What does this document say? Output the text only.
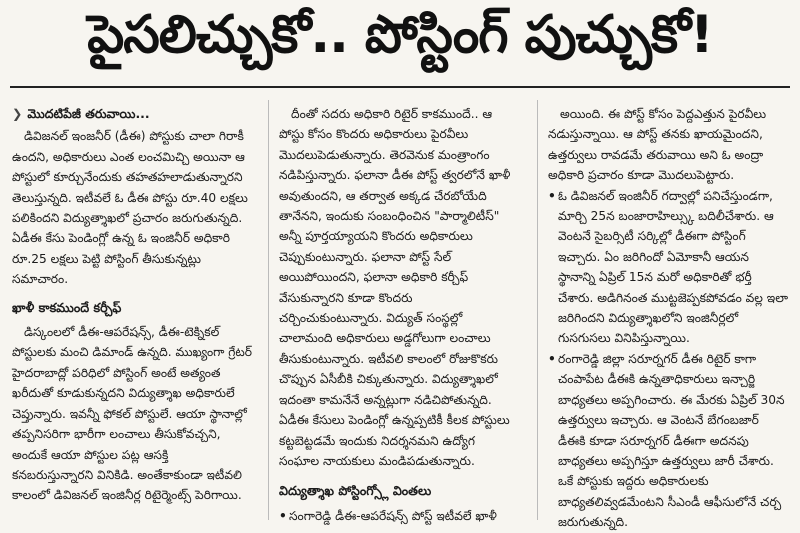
పైసలిచ్చుకో.. పోస్టింగ్ పుచ్చుకో!
❯ మొదటిపేజీ తరువాయి...

డివిజనల్ ఇంజనీర్ (డీఈ) పోస్టుకు చాలా గిరాకీ ఉందని, అధికారులు ఎంత లంచమిచ్చి అయినా ఆ పోస్టులో కూర్చునేందుకు తహతహలాడుతున్నారని తెలుస్తున్నది. ఇటీవలే ఓ డీఈ పోస్టు రూ.40 లక్షలు పలికిందని విద్యుత్శాఖలో ప్రచారం జరుగుతున్నది. ఏడీఈ కేసు పెండింగ్లో ఉన్న ఓ ఇంజినీర్ అధికారి రూ.25 లక్షలు పెట్టి పోస్టింగ్ తీసుకున్నట్లు సమాచారం.

ఖాళీ కాకముందే కర్చీఫ్

డిస్కంలలో డీఈ-ఆపరేషన్స్, డీఈ-టెక్నికల్ పోస్టులకు మంచి డిమాండ్ ఉన్నది. ముఖ్యంగా గ్రేటర్ హైదరాబాద్లో పరిధిలో పోస్టింగ్ అంటే అత్యంత ఖరీదుతో కూడుకున్నదని విద్యుత్శాఖ అధికారులే చెప్తున్నారు. ఇవన్నీ ఫోకల్ పోస్టులే. ఆయా స్థానాల్లో తప్పనిసరిగా భారీగా లంచాలు తీసుకోవచ్చని, అందుకే ఆయా పోస్టుల పట్ల ఆసక్తి కనబరుస్తున్నారని వినికిడి. అంతేకాకుండా ఇటీవలి కాలంలో డివిజనల్ ఇంజినీర్ల రిటైర్మెంట్స్ పెరిగాయి.

దీంతో సదరు అధికారి రిటైర్ కాకముందే.. ఆ పోస్టు కోసం కొందరు అధికారులు పైరవీలు మొదలుపెడుతున్నారు. తెరవెనుక మంత్రాంగం నడిపిస్తున్నారు. ఫలానా డీఈ పోస్ట్ త్వరలోనే ఖాళీ అవుతుందని, ఆ తర్వాత అక్కడ చేరబోయేది తానేనని, ఇందుకు సంబంధించిన "పార్మాలిటీస్" అన్నీ పూర్తయ్యాయని కొందరు అధికారులు చెప్పుకుంటున్నారు. ఫలానా పోస్ట్ సేల్ అయిపోయిందని, ఫలానా అధికారి కర్చీఫ్ వేసుకున్నారని కూడా కొందరు చర్చించుకుంటున్నారు. విద్యుత్ సంస్థల్లో చాలామంది అధికారులు అడ్డగోలుగా లంచాలు తీసుకుంటున్నారు. ఇటీవలి కాలంలో రోజుకొకరు చొప్పున ఏసీబీకి చిక్కుతున్నారు. విద్యుత్శాఖలో ఇదంతా కామనేనే అన్నట్లుగా నడిచిపోతున్నది. ఏడీఈ కేసులు పెండింగ్లో ఉన్నప్పటికీ కీలక పోస్టులు కట్టబెట్టడమే ఇందుకు నిదర్శనమని ఉద్యోగ సంఘాల నాయకులు మండిపడుతున్నారు.

విద్యుత్శాఖ పోస్టింగ్స్లో వింతలు

• సంగారెడ్డి డీఈ-ఆపరేషన్స్ పోస్ట్ ఇటీవలే ఖాళీ

అయింది. ఈ పోస్ట్ కోసం పెద్దఎత్తున పైరవీలు నడుస్తున్నాయి. ఆ పోస్ట్ తనకు ఖాయమైందని, ఉత్తర్వులు రావడమే తరువాయి అని ఓ అంద్రా అధికారి ప్రచారం కూడా మొదలుపెట్టారు.

• ఓ డివిజనల్ ఇంజినీర్ గద్వాల్లో పనిచేస్తుండగా, మార్చి 25న బంజారాహిల్స్కు బదిలీచేశారు. ఆ వెంటనే సైబర్సిటీ సర్కిల్లో డీఈగా పోస్టింగ్ ఇచ్చారు. ఏం జరిగిందో ఏమోకానీ ఆయన స్థానాన్ని ఏప్రిల్ 15న మరో అధికారితో భర్తీ చేశారు. అడిగినంత ముట్టజెప్పకపోవడం వల్ల ఇలా జరిగిందని విద్యుత్శాఖలోని ఇంజినీర్లలో గుసగుసలు వినిపిస్తున్నాయి.

• రంగారెడ్డి జిల్లా సరూర్నగర్ డీఈ రిటైర్ కాగా చంపాపేట డీఈకి ఉన్నతాధికారులు ఇన్చార్జి బాధ్యతలు అప్పగించారు. ఈ మేరకు ఏప్రిల్ 30న ఉత్తర్వులు ఇచ్చారు. ఆ వెంటనే బేగంబజార్ డీఈకి కూడా సరూర్నగర్ డీఈగా అదనపు బాధ్యతలు అప్పగిస్తూ ఉత్తర్వులు జారీ చేశారు. ఒకే పోస్టుకు ఇద్దరు అధికారులకు బాధ్యతలివ్వడమేంటని సీఎండీ ఆఫీసులోనే చర్చ జరుగుతున్నది.
